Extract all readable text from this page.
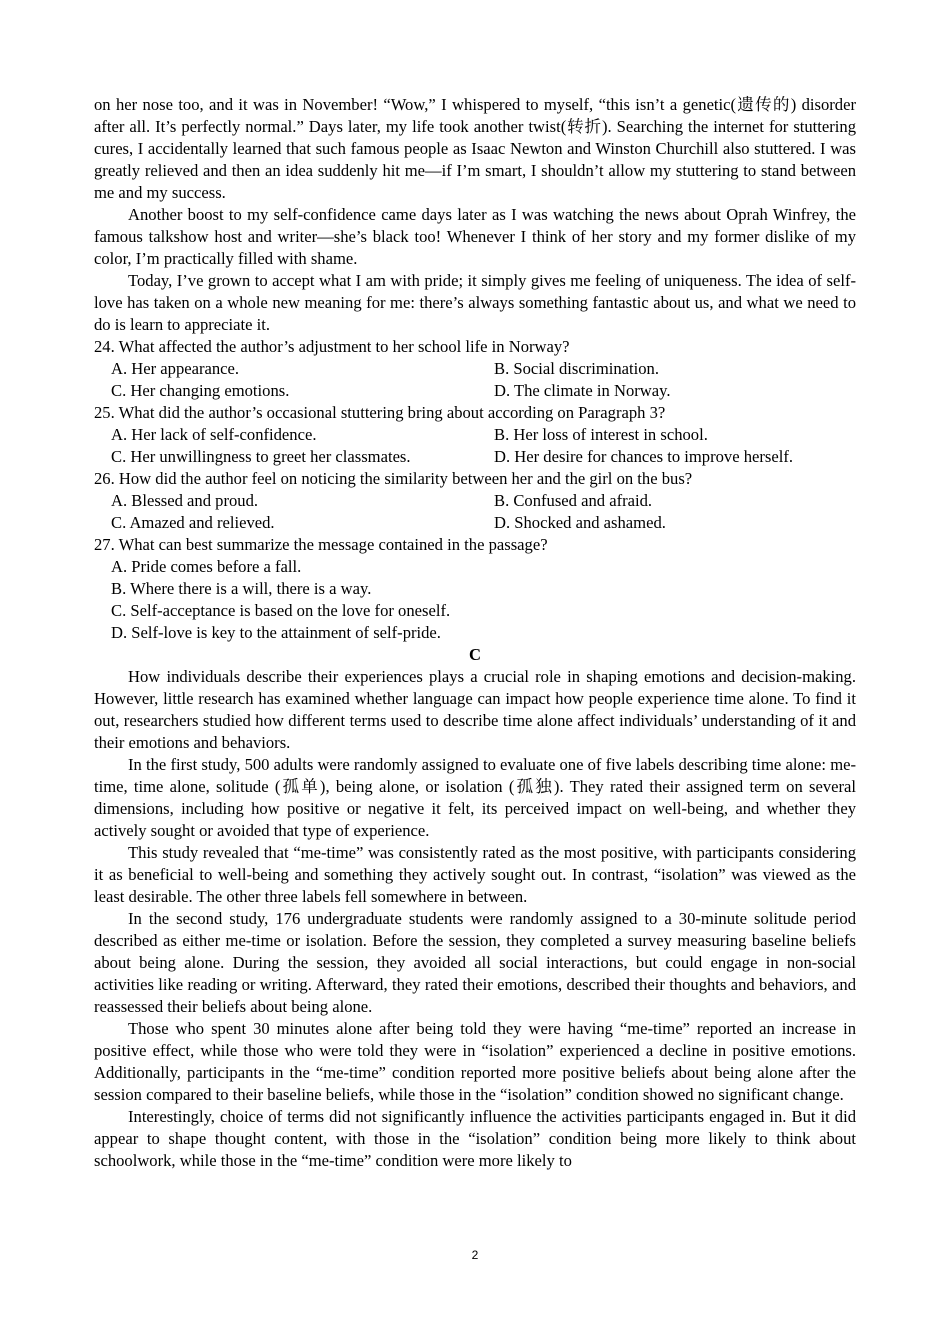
on her nose too, and it was in November! “Wow,” I whispered to myself, “this isn’t a genetic(遗传的) disorder after all. It’s perfectly normal.” Days later, my life took another twist(转折). Searching the internet for stuttering cures, I accidentally learned that such famous people as Isaac Newton and Winston Churchill also stuttered. I was greatly relieved and then an idea suddenly hit me—if I’m smart, I shouldn’t allow my stuttering to stand between me and my success.

Another boost to my self-confidence came days later as I was watching the news about Oprah Winfrey, the famous talkshow host and writer—she’s black too! Whenever I think of her story and my former dislike of my color, I’m practically filled with shame.

Today, I’ve grown to accept what I am with pride; it simply gives me feeling of uniqueness. The idea of self-love has taken on a whole new meaning for me: there’s always something fantastic about us, and what we need to do is learn to appreciate it.

24. What affected the author’s adjustment to her school life in Norway?

A. Her appearance.	B. Social discrimination.
C. Her changing emotions.	D. The climate in Norway.

25. What did the author’s occasional stuttering bring about according on Paragraph 3?

A. Her lack of self-confidence.	B. Her loss of interest in school.
C. Her unwillingness to greet her classmates.	D. Her desire for chances to improve herself.

26. How did the author feel on noticing the similarity between her and the girl on the bus?

A. Blessed and proud.	B. Confused and afraid.
C. Amazed and relieved.	D. Shocked and ashamed.

27. What can best summarize the message contained in the passage?

A. Pride comes before a fall.
B. Where there is a will, there is a way.
C. Self-acceptance is based on the love for oneself.
D. Self-love is key to the attainment of self-pride.

C

How individuals describe their experiences plays a crucial role in shaping emotions and decision-making. However, little research has examined whether language can impact how people experience time alone. To find it out, researchers studied how different terms used to describe time alone affect individuals’ understanding of it and their emotions and behaviors.

In the first study, 500 adults were randomly assigned to evaluate one of five labels describing time alone: me-time, time alone, solitude (孤单), being alone, or isolation (孤独). They rated their assigned term on several dimensions, including how positive or negative it felt, its perceived impact on well-being, and whether they actively sought or avoided that type of experience.

This study revealed that “me-time” was consistently rated as the most positive, with participants considering it as beneficial to well-being and something they actively sought out. In contrast, “isolation” was viewed as the least desirable. The other three labels fell somewhere in between.

In the second study, 176 undergraduate students were randomly assigned to a 30-minute solitude period described as either me-time or isolation. Before the session, they completed a survey measuring baseline beliefs about being alone. During the session, they avoided all social interactions, but could engage in non-social activities like reading or writing. Afterward, they rated their emotions, described their thoughts and behaviors, and reassessed their beliefs about being alone.

Those who spent 30 minutes alone after being told they were having “me-time” reported an increase in positive effect, while those who were told they were in “isolation” experienced a decline in positive emotions. Additionally, participants in the “me-time” condition reported more positive beliefs about being alone after the session compared to their baseline beliefs, while those in the “isolation” condition showed no significant change.

Interestingly, choice of terms did not significantly influence the activities participants engaged in. But it did appear to shape thought content, with those in the “isolation” condition being more likely to think about schoolwork, while those in the “me-time” condition were more likely to

2
